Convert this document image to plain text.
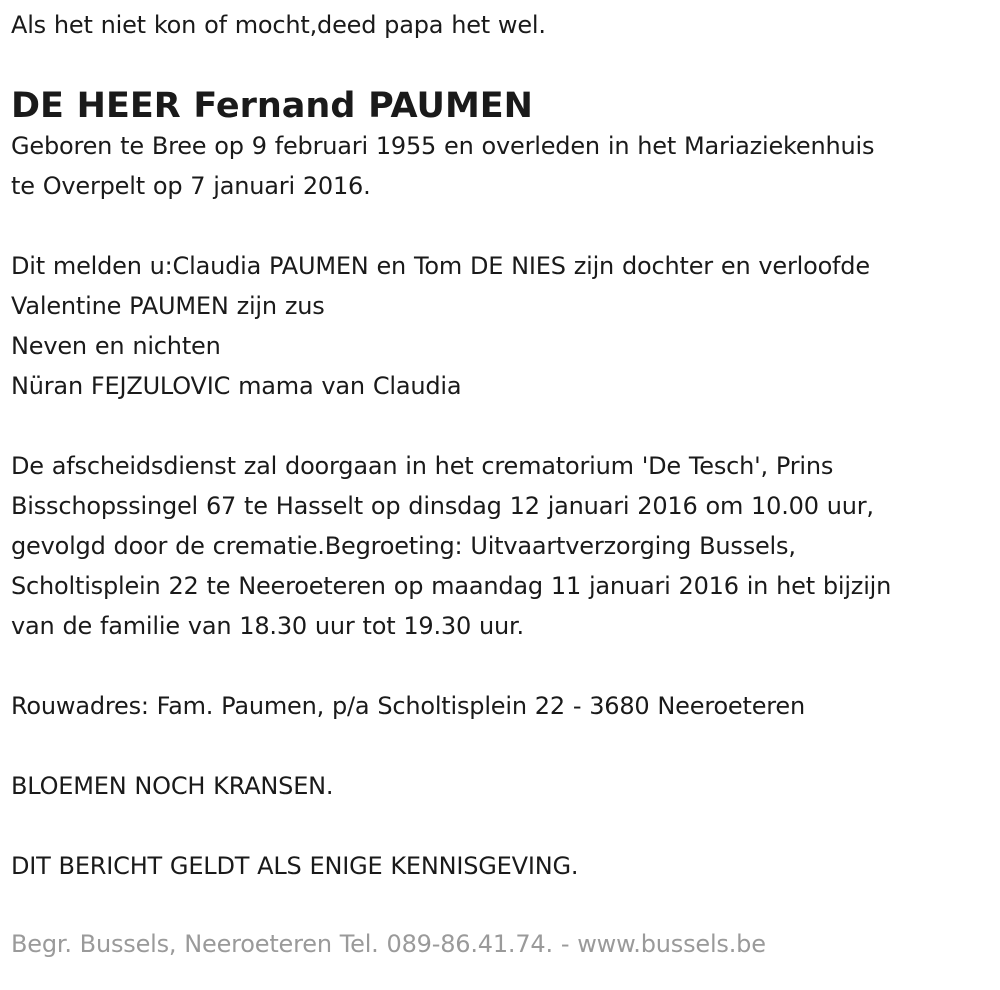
Als het niet kon of mocht,deed papa het wel.
DE HEER Fernand PAUMEN
Geboren te Bree op 9 februari 1955 en overleden in het Mariaziekenhuis
te Overpelt op 7 januari 2016.
Dit melden u:Claudia PAUMEN en Tom DE NIES zijn dochter en verloofde
Valentine PAUMEN zijn zus
Neven en nichten
Nüran FEJZULOVIC mama van Claudia
De afscheidsdienst zal doorgaan in het crematorium 'De Tesch', Prins
Bisschopssingel 67 te Hasselt op dinsdag 12 januari 2016 om 10.00 uur,
gevolgd door de crematie.Begroeting: Uitvaartverzorging Bussels,
Scholtisplein 22 te Neeroeteren op maandag 11 januari 2016 in het bijzijn
van de familie van 18.30 uur tot 19.30 uur.
Rouwadres: Fam. Paumen, p/a Scholtisplein 22 - 3680 Neeroeteren
BLOEMEN NOCH KRANSEN.
DIT BERICHT GELDT ALS ENIGE KENNISGEVING.
Begr. Bussels, Neeroeteren Tel. 089-86.41.74. - www.bussels.be
